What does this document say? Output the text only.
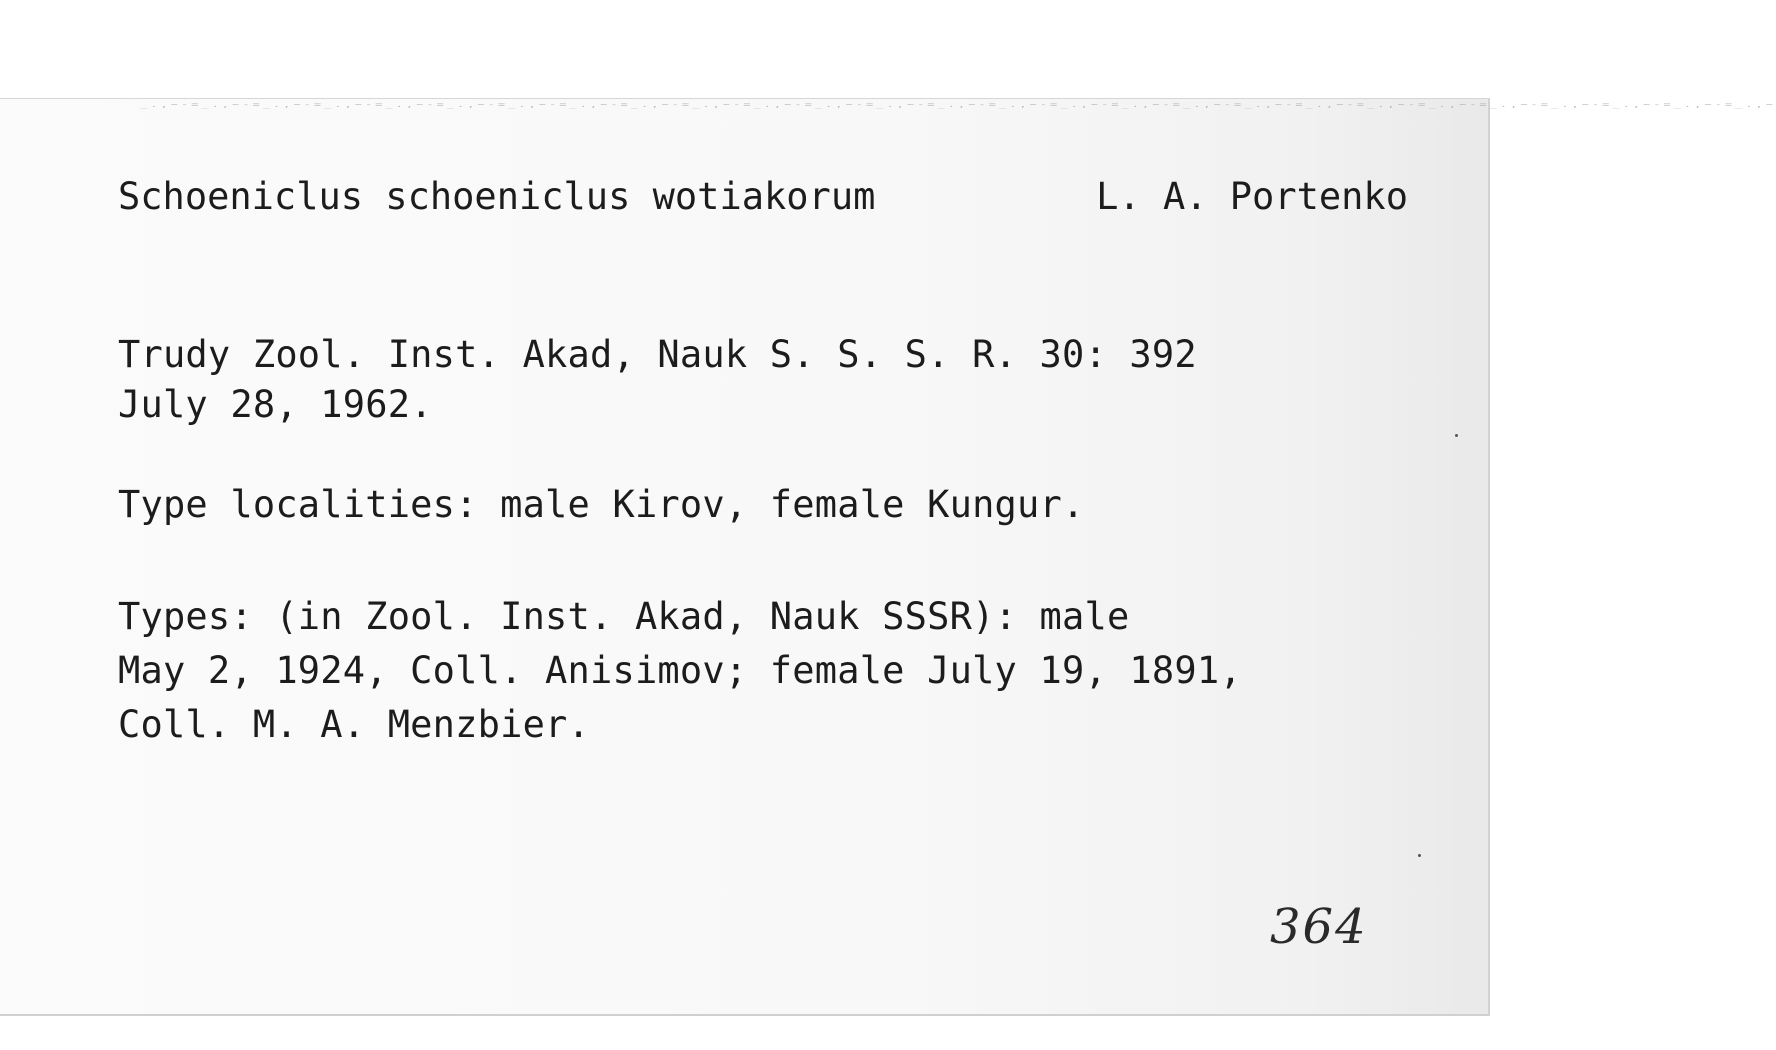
_.,~-=_.,~-=_.,~-=_.,~-=_.,~-=_.,~-=_.,~-=_.,~-=_.,~-=_.,~-=_.,~-=_.,~-=_.,~-=_.,~-=_.,~-=_.,~-=_.,~-=_.,~-=_.,~-=_.,~-=_.,~-=_.,~-=_.,~-=_.,~-=_.,~-=_.,~-=_.,~
Schoeniclus schoeniclus wotiakorum	L. A. Portenko

Trudy Zool. Inst. Akad, Nauk S. S. S. R. 30: 392

July 28, 1962.

Type localities: male Kirov, female Kungur.

Types: (in Zool. Inst. Akad, Nauk SSSR): male

May 2, 1924, Coll. Anisimov; female July 19, 1891,

Coll. M. A. Menzbier.

364
